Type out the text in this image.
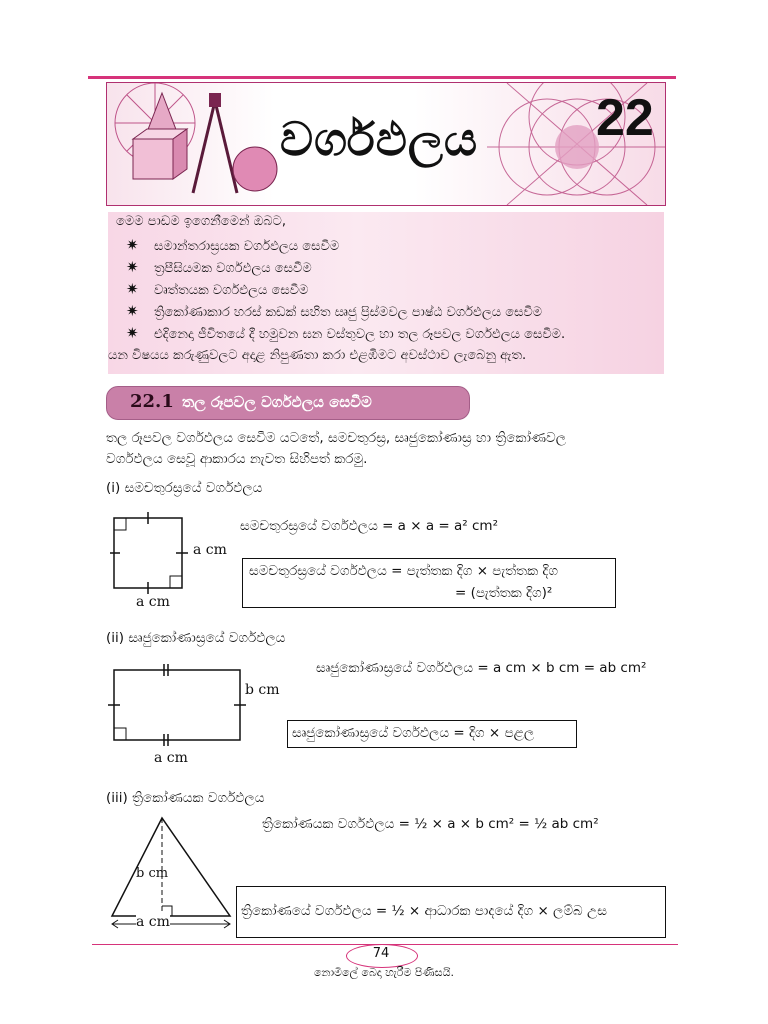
වර්ගඵලය 22
මෙම පාඩම ඉගෙනීමෙන් ඔබට,
✷ සමාන්තරාස්‍රයක වර්ගඵලය සෙවීම
✷ ත්‍රපීසියමක වර්ගඵලය සෙවීම
✷ වෘත්තයක වර්ගඵලය සෙවීම
✷ ත්‍රිකෝණාකාර හරස් කඩක් සහිත ඍජු ප්‍රිස්මවල පාෂ්ඨ වර්ගඵලය සෙවීම
✷ එදිනෙදා ජීවිතයේ දී හමුවන ඝන වස්තුවල හා තල රූපවල වර්ගඵලය සෙවීම.
යන විෂයය කරුණුවලට අදාළ නිපුණතා කරා එළඹීමට අවස්ථාව ලැබෙනු ඇත.
22.1 තල රූපවල වර්ගඵලය සෙවීම
තල රූපවල වර්ගඵලය සෙවීම යටතේ, සමචතුරස්‍ර, සෘජුකෝණාස්‍ර හා ත්‍රිකෝණවල
වර්ගඵලය සෙවූ ආකාරය නැවත සිහිපත් කරමු.
(i) සමචතුරස්‍රයේ වර්ගඵලය
a cm
a cm
සමචතුරස්‍රයේ වර්ගඵලය = a × a = a² cm²
සමචතුරස්‍රයේ වර්ගඵලය = පැත්තක දිග × පැත්තක දිග
= (පැත්තක දිග)²
(ii) සෘජුකෝණාස්‍රයේ වර්ගඵලය
b cm
a cm
සෘජුකෝණාස්‍රයේ වර්ගඵලය = a cm × b cm = ab cm²
සෘජුකෝණාස්‍රයේ වර්ගඵලය = දිග × පළල
(iii) ත්‍රිකෝණයක වර්ගඵලය
b cm
a cm
ත්‍රිකෝණයක වර්ගඵලය = ½ × a × b cm² = ½ ab cm²
ත්‍රිකෝණයේ වර්ගඵලය = ½ × ආධාරක පාදයේ දිග × ලම්බ උස
74
නොමිලේ බෙදා හැරීම පිණිසයි.
